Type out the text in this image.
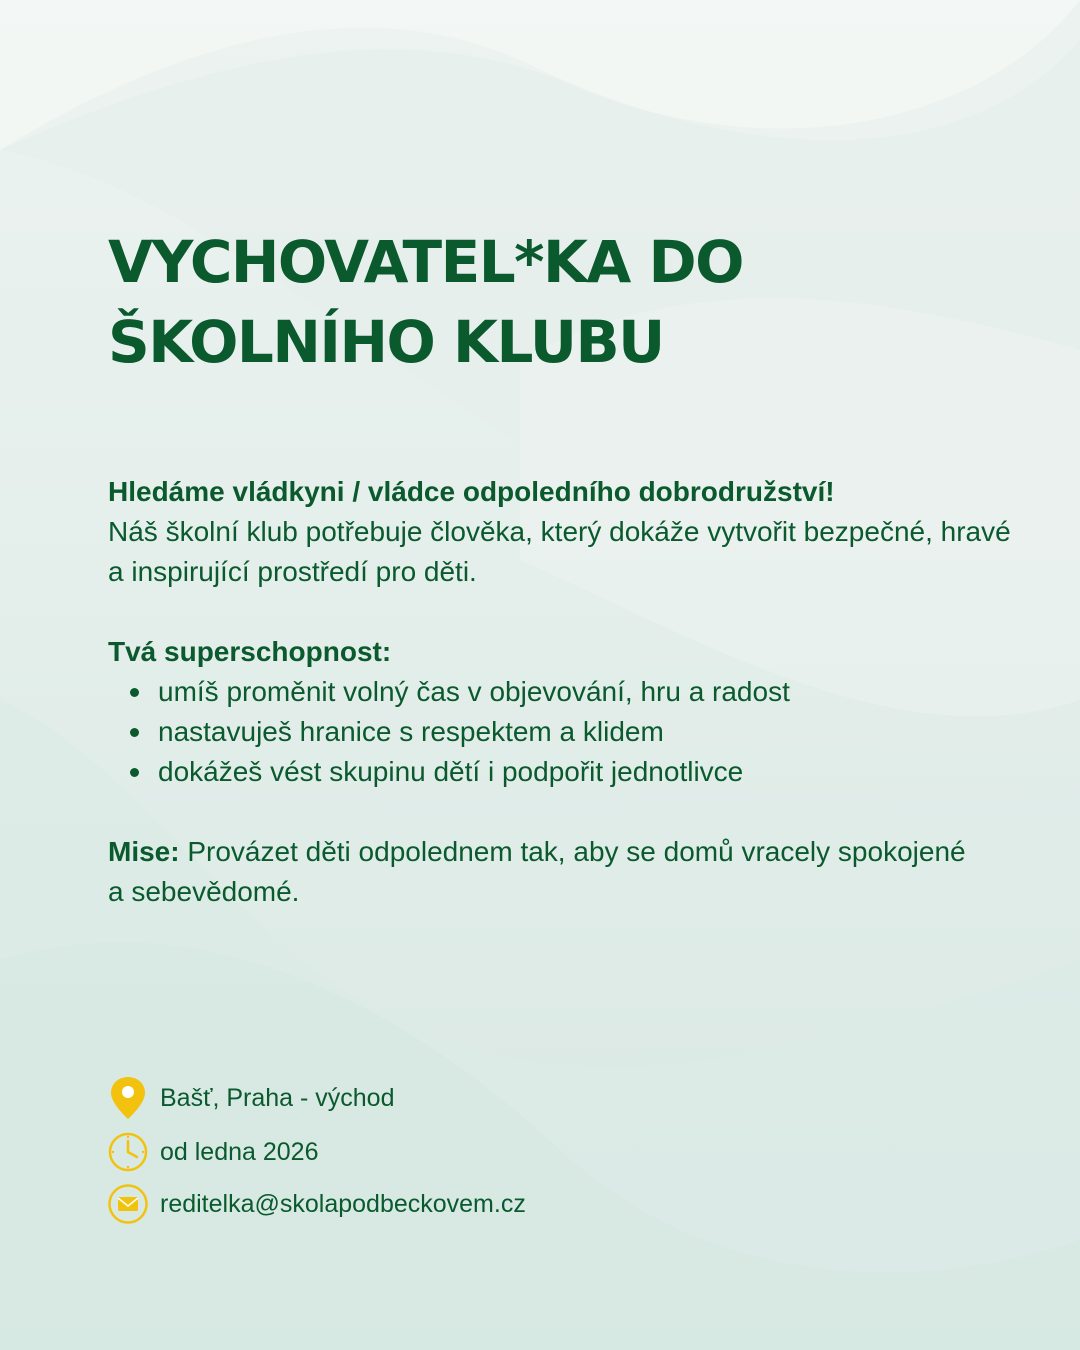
VYCHOVATEL*KA DO ŠKOLNÍHO KLUBU
Hledáme vládkyni / vládce odpoledního dobrodružství!
Náš školní klub potřebuje člověka, který dokáže vytvořit bezpečné, hravé a inspirující prostředí pro děti.
Tvá superschopnost:
umíš proměnit volný čas v objevování, hru a radost
nastavuješ hranice s respektem a klidem
dokážeš vést skupinu dětí i podpořit jednotlivce
Mise: Provázet děti odpolednem tak, aby se domů vracely spokojené a sebevědomé.
Bašť, Praha - východ
od ledna 2026
reditelka@skolapodbeckovem.cz
